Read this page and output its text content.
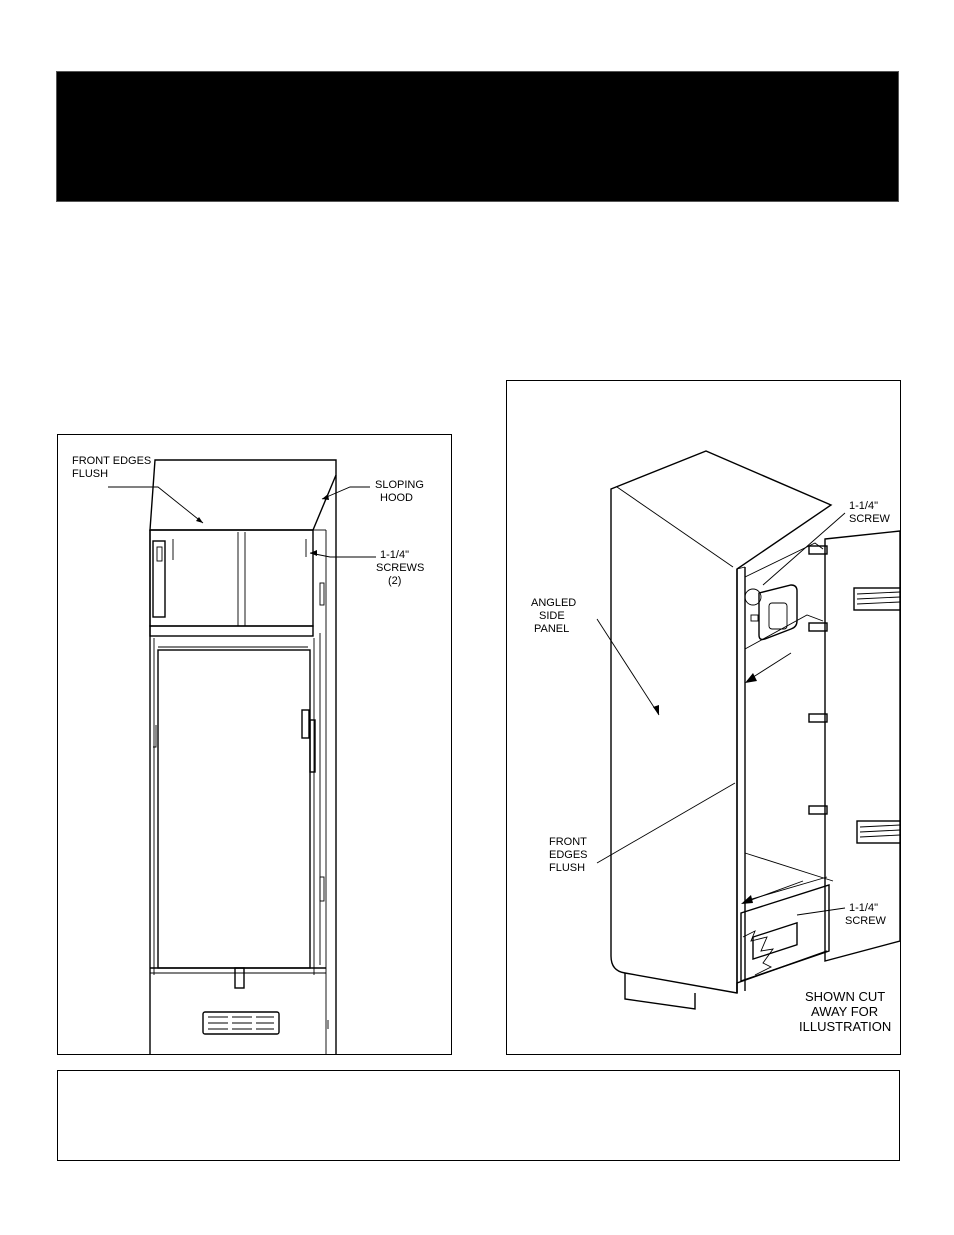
FRONT EDGES
FLUSH
SLOPING
HOOD
1-1/4"
SCREWS
(2)
1-1/4"
SCREW
ANGLED
SIDE
PANEL
FRONT
EDGES
FLUSH
1-1/4"
SCREW
SHOWN CUT
AWAY FOR
ILLUSTRATION
